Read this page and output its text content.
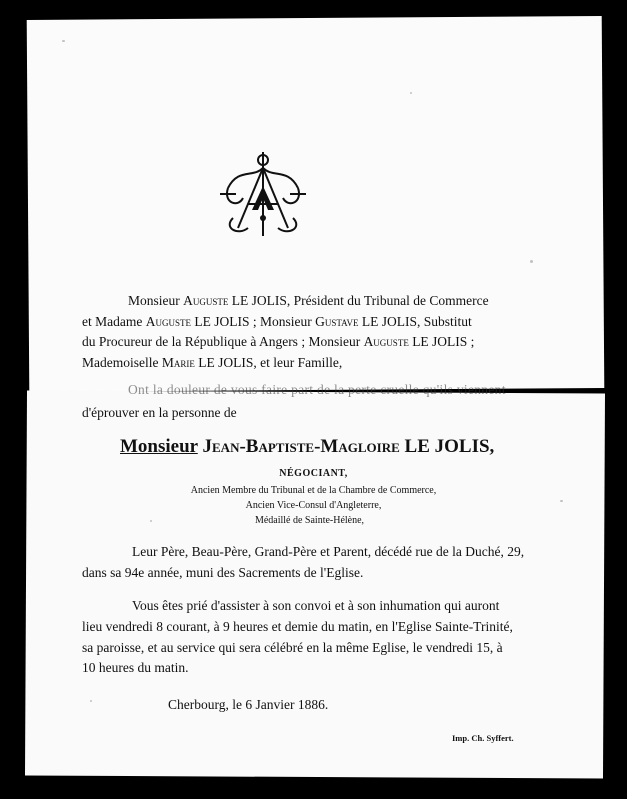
Monsieur Auguste LE JOLIS, Président du Tribunal de Commerce
et Madame Auguste LE JOLIS ; Monsieur Gustave LE JOLIS, Substitut
du Procureur de la République à Angers ; Monsieur Auguste LE JOLIS ;
Mademoiselle Marie LE JOLIS, et leur Famille,
Ont la douleur de vous faire part de la perte cruelle qu'ils viennent
d'éprouver en la personne de
Monsieur Jean-Baptiste-Magloire LE JOLIS,
NÉGOCIANT,
Ancien Membre du Tribunal et de la Chambre de Commerce,
Ancien Vice-Consul d'Angleterre,
Médaillé de Sainte-Hélène,
Leur Père, Beau-Père, Grand-Père et Parent, décédé rue de la Duché, 29,
dans sa 94e année, muni des Sacrements de l'Eglise.
Vous êtes prié d'assister à son convoi et à son inhumation qui auront
lieu vendredi 8 courant, à 9 heures et demie du matin, en l'Eglise Sainte-Trinité,
sa paroisse, et au service qui sera célébré en la même Eglise, le vendredi 15, à
10 heures du matin.
Cherbourg, le 6 Janvier 1886.
Imp. Ch. Syffert.
